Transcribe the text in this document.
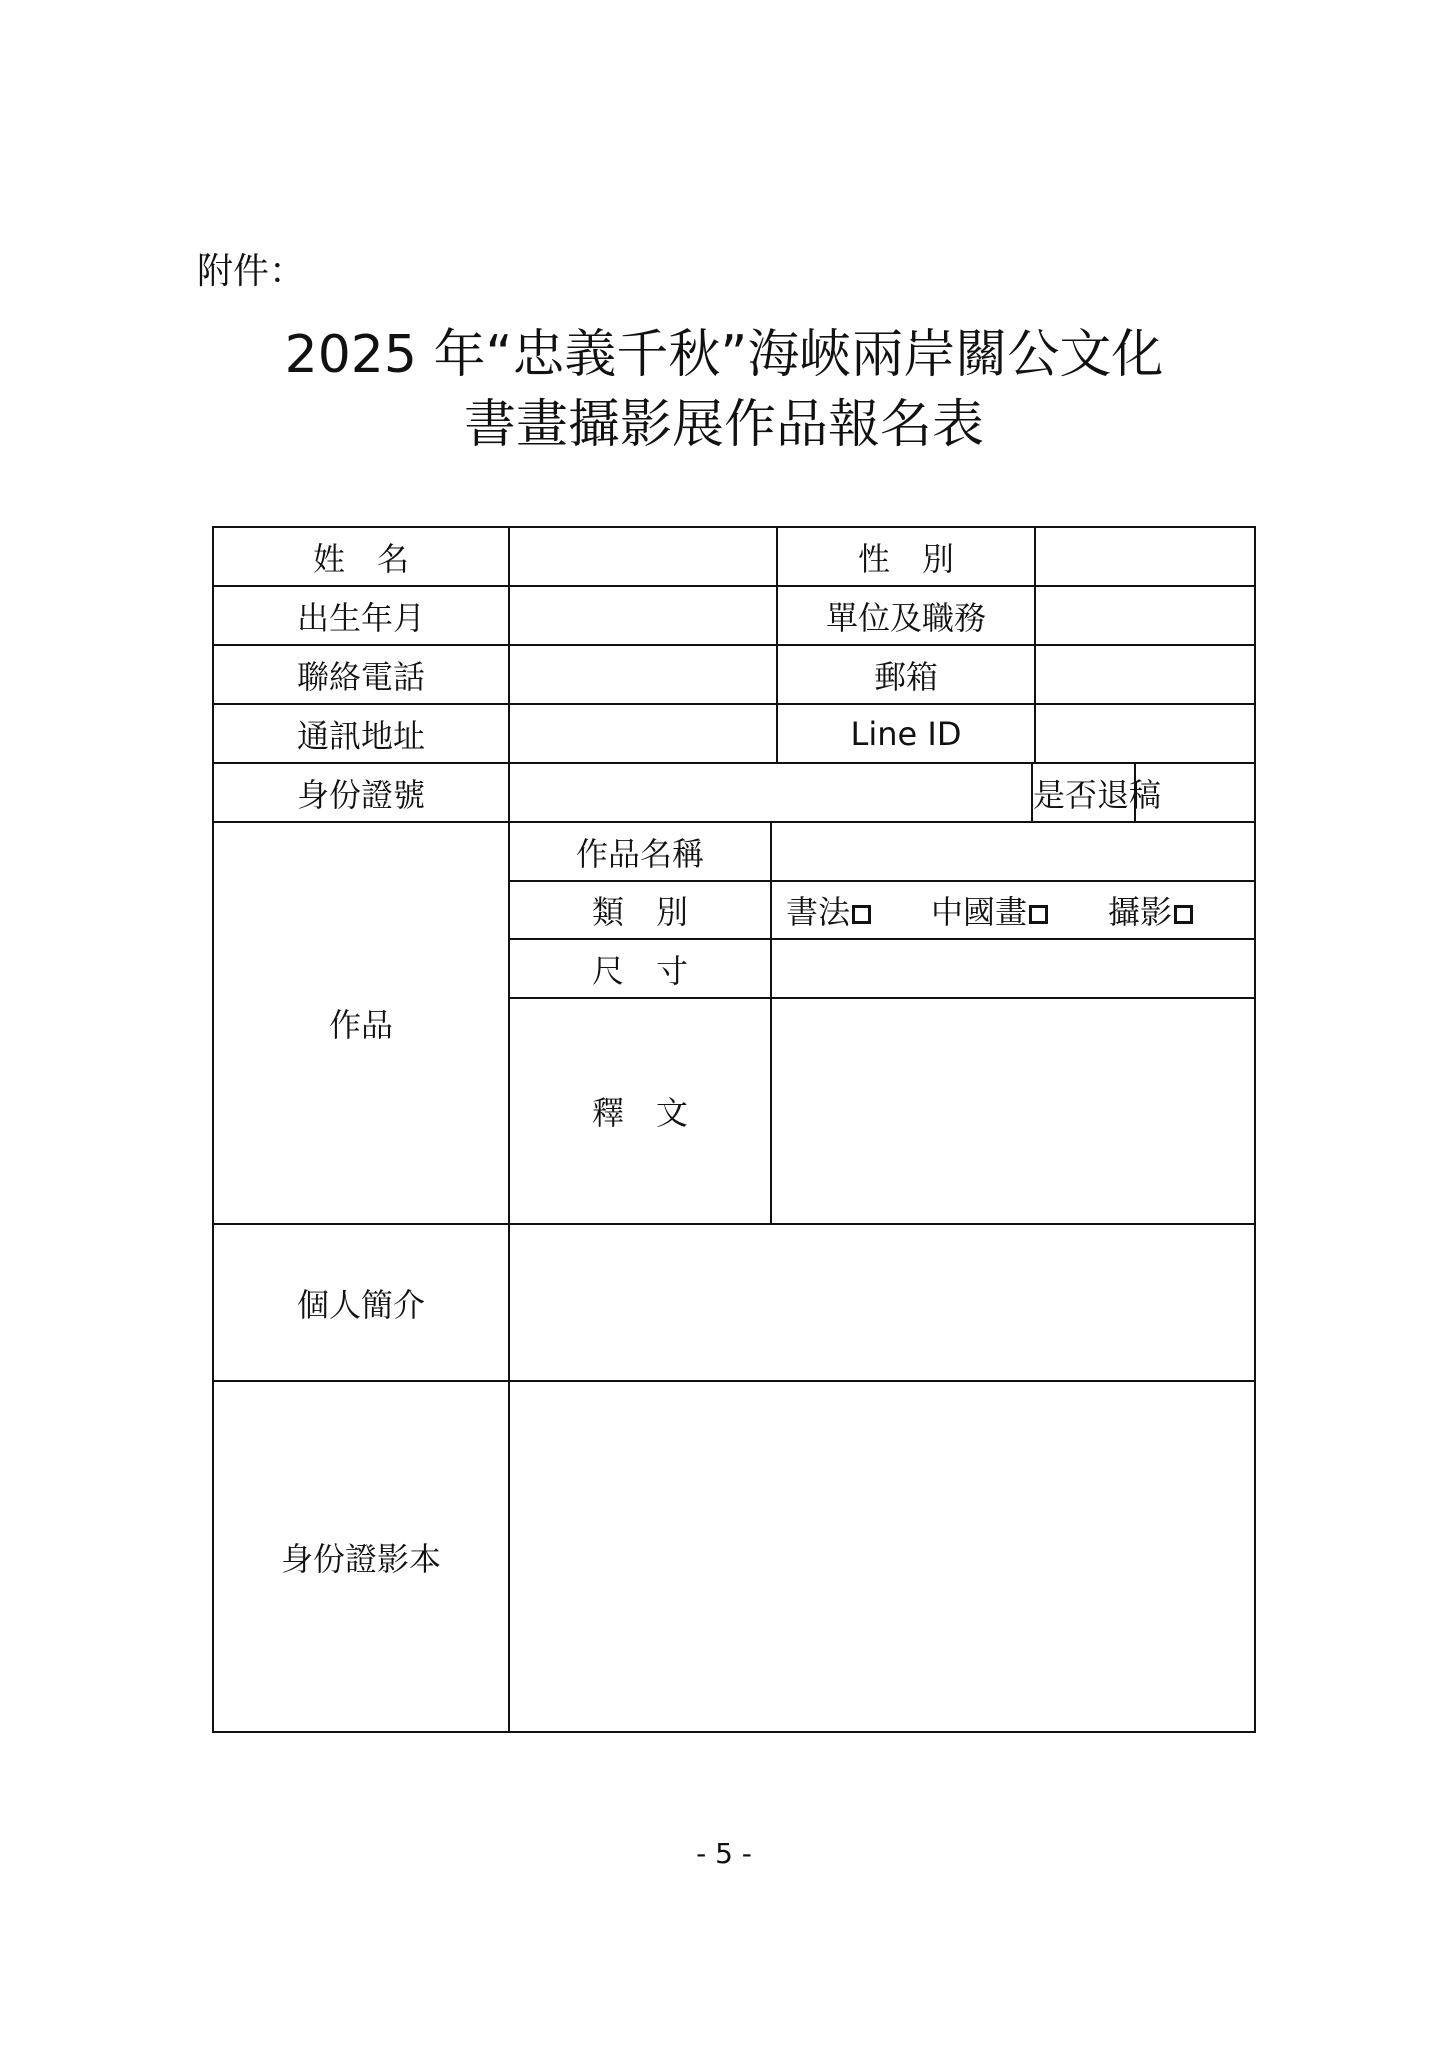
附件：
2025 年“忠義千秋”海峽兩岸關公文化
書畫攝影展作品報名表
姓　名			性　別			
出生年月			單位及職務			
聯絡電話			郵箱			
通訊地址			Line ID			
身份證號				是否退稿		
作品	作品名稱					
	類　別	書法 中國畫 攝影				
	尺　寸					
	釋　文					
個人簡介						
身份證影本						
- 5 -
